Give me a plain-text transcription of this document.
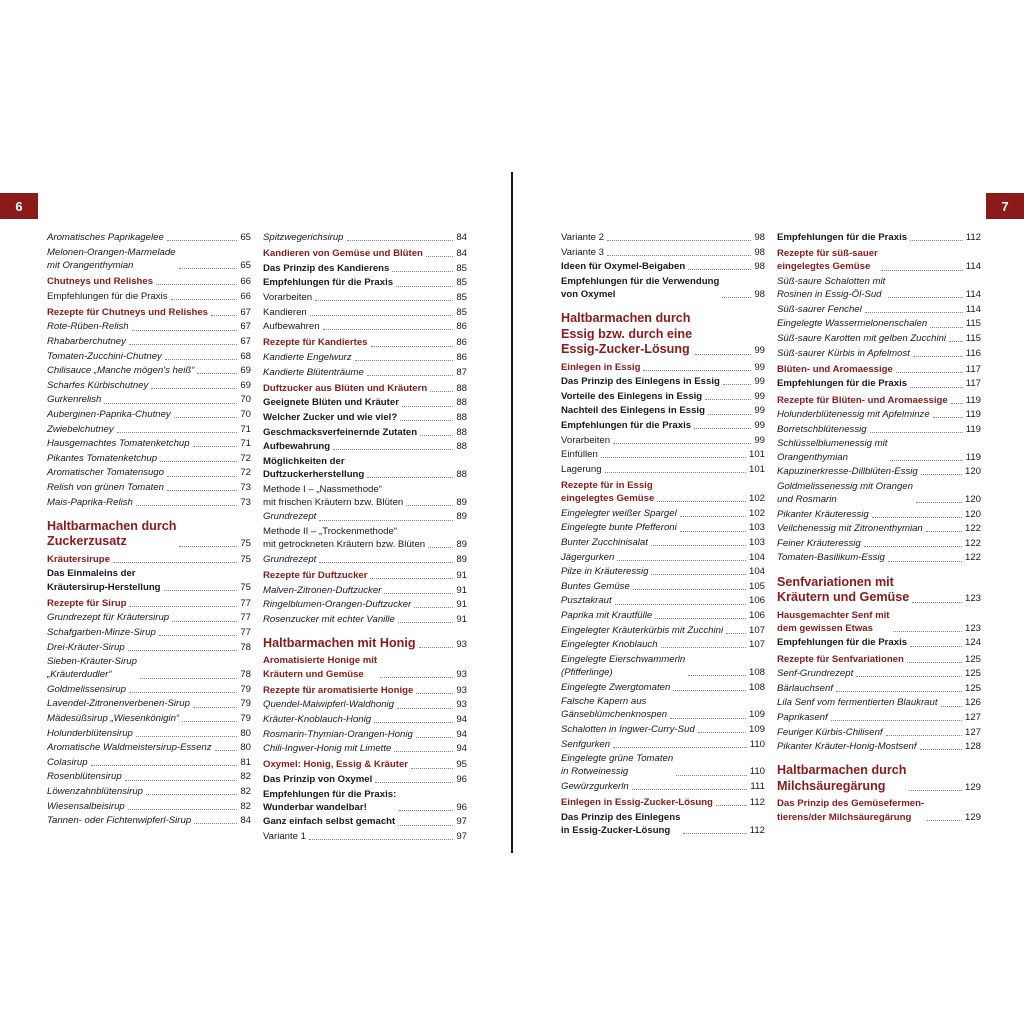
6	7
Aromatisches Paprikagelee	65
Melonen-Orangen-Marmelade
mit Orangenthymian	65
Chutneys und Relishes	66
Empfehlungen für die Praxis	66
Rezepte für Chutneys und Relishes	67
Rote-Rüben-Relish	67
Rhabarberchutney	67
Tomaten-Zucchini-Chutney	68
Chilisauce „Manche mögen's heiß“	69
Scharfes Kürbischutney	69
Gurkenrelish	70
Auberginen-Paprika-Chutney	70
Zwiebelchutney	71
Hausgemachtes Tomatenketchup	71
Pikantes Tomatenketchup	72
Aromatischer Tomatensugo	72
Relish von grünen Tomaten	73
Mais-Paprika-Relish	73
Haltbarmachen durch
Zuckerzusatz	75
Kräutersirupe	75
Das Einmaleins der
Kräutersirup-Herstellung	75
Rezepte für Sirup	77
Grundrezept für Kräutersirup	77
Schafgarben-Minze-Sirup	77
Drei-Kräuter-Sirup	78
Sieben-Kräuter-Sirup
„Kräuterdudler“	78
Goldmelissensirup	79
Lavendel-Zitronenverbenen-Sirup	79
Mädesüßsirup „Wiesenkönigin“	79
Holunderblütensirup	80
Aromatische Waldmeistersirup-Essenz	80
Colasirup	81
Rosenblütensirup	82
Löwenzahnblütensirup	82
Wiesensalbeisirup	82
Tannen- oder Fichtenwipferl-Sirup	84
Spitzwegerichsirup	84
Kandieren von Gemüse und Blüten	84
Das Prinzip des Kandierens	85
Empfehlungen für die Praxis	85
Vorarbeiten	85
Kandieren	85
Aufbewahren	86
Rezepte für Kandiertes	86
Kandierte Engelwurz	86
Kandierte Blütenträume	87
Duftzucker aus Blüten und Kräutern	88
Geeignete Blüten und Kräuter	88
Welcher Zucker und wie viel?	88
Geschmacksverfeinernde Zutaten	88
Aufbewahrung	88
Möglichkeiten der
Duftzuckerherstellung	88
Methode I – „Nassmethode“
mit frischen Kräutern bzw. Blüten	89
Grundrezept	89
Methode II – „Trockenmethode“
mit getrockneten Kräutern bzw. Blüten	89
Grundrezept	89
Rezepte für Duftzucker	91
Malven-Zitronen-Duftzucker	91
Ringelblumen-Orangen-Duftzucker	91
Rosenzucker mit echter Vanille	91
Haltbarmachen mit Honig	93
Aromatisierte Honige mit
Kräutern und Gemüse	93
Rezepte für aromatisierte Honige	93
Quendel-Maiwipferl-Waldhonig	93
Kräuter-Knoblauch-Honig	94
Rosmarin-Thymian-Orangen-Honig	94
Chili-Ingwer-Honig mit Limette	94
Oxymel: Honig, Essig & Kräuter	95
Das Prinzip von Oxymel	96
Empfehlungen für die Praxis:
Wunderbar wandelbar!	96
Ganz einfach selbst gemacht	97
Variante 1	97
Variante 2	98
Variante 3	98
Ideen für Oxymel-Beigaben	98
Empfehlungen für die Verwendung
von Oxymel	98
Haltbarmachen durch
Essig bzw. durch eine
Essig-Zucker-Lösung	99
Einlegen in Essig	99
Das Prinzip des Einlegens in Essig	99
Vorteile des Einlegens in Essig	99
Nachteil des Einlegens in Essig	99
Empfehlungen für die Praxis	99
Vorarbeiten	99
Einfüllen	101
Lagerung	101
Rezepte für in Essig
eingelegtes Gemüse	102
Eingelegter weißer Spargel	102
Eingelegte bunte Pfefferoni	103
Bunter Zucchinisalat	103
Jägergurken	104
Pilze in Kräuteressig	104
Buntes Gemüse	105
Pusztakraut	106
Paprika mit Krautfülle	106
Eingelegter Kräuterkürbis mit Zucchini	107
Eingelegter Knoblauch	107
Eingelegte Eierschwammerln
(Pfifferlinge)	108
Eingelegte Zwergtomaten	108
Falsche Kapern aus
Gänseblümchenknospen	109
Schalotten in Ingwer-Curry-Sud	109
Senfgurken	110
Eingelegte grüne Tomaten
in Rotweinessig	110
Gewürzgurkerln	111
Einlegen in Essig-Zucker-Lösung	112
Das Prinzip des Einlegens
in Essig-Zucker-Lösung	112
Empfehlungen für die Praxis	112
Rezepte für süß-sauer
eingelegtes Gemüse	114
Süß-saure Schalotten mit
Rosinen in Essig-Öl-Sud	114
Süß-saurer Fenchel	114
Eingelegte Wassermelonenschalen	115
Süß-saure Karotten mit gelben Zucchini 115
Süß-saurer Kürbis in Apfelmost	116
Blüten- und Aromaessige	117
Empfehlungen für die Praxis	117
Rezepte für Blüten- und Aromaessige 119
Holunderblütenessig mit Apfelminze	119
Borretschblütenessig	119
Schlüsselblumenessig mit
Orangenthymian	119
Kapuzinerkresse-Dillblüten-Essig	120
Goldmelissenessig mit Orangen
und Rosmarin	120
Pikanter Kräuteressig	120
Veilchenessig mit Zitronenthymian	122
Feiner Kräuteressig	122
Tomaten-Basilikum-Essig	122
Senfvariationen mit
Kräutern und Gemüse	123
Hausgemachter Senf mit
dem gewissen Etwas	123
Empfehlungen für die Praxis	124
Rezepte für Senfvariationen	125
Senf-Grundrezept	125
Bärlauchsenf	125
Lila Senf vom fermentierten Blaukraut	126
Paprikasenf	127
Feuriger Kürbis-Chilisenf	127
Pikanter Kräuter-Honig-Mostsenf	128
Haltbarmachen durch
Milchsäuregärung	129
Das Prinzip des Gemüsefermen-
tierens/der Milchsäuregärung	129
